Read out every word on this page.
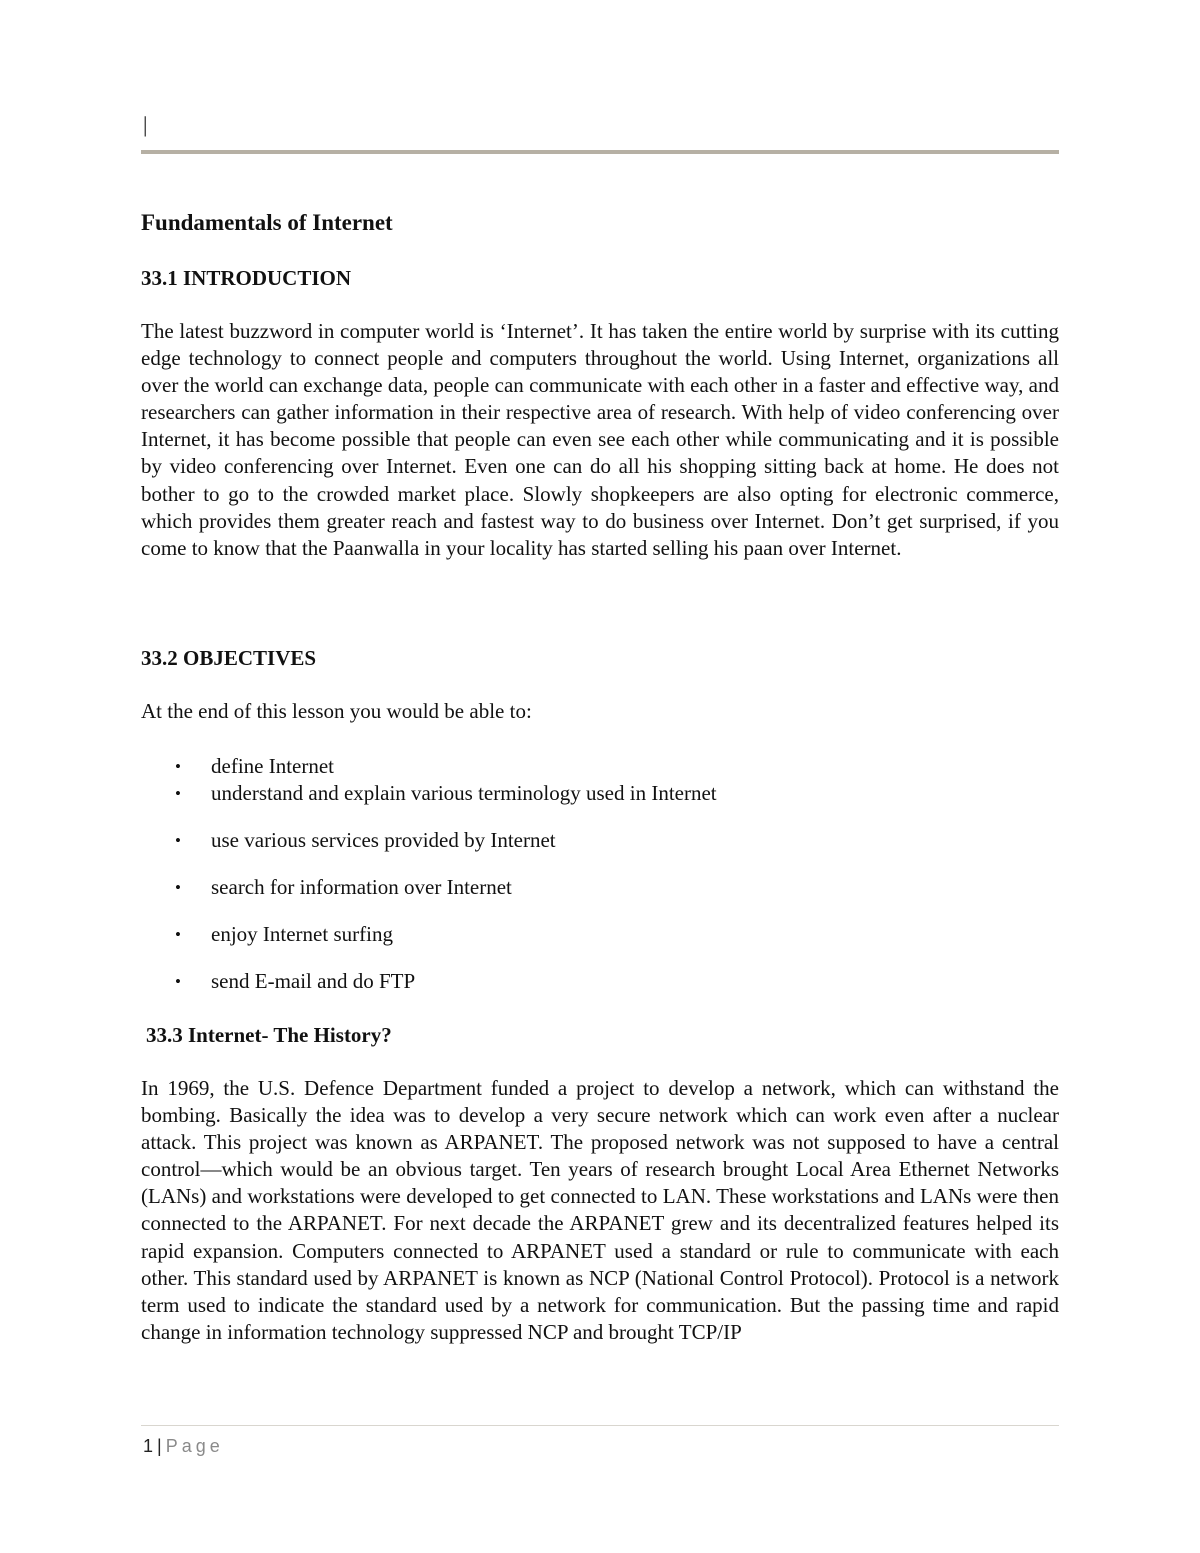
|
Fundamentals of Internet
33.1 INTRODUCTION

The latest buzzword in computer world is ‘Internet’. It has taken the entire world by surprise with its cutting edge technology to connect people and computers throughout the world. Using Internet, organizations all over the world can exchange data, people can communicate with each other in a faster and effective way, and researchers can gather information in their respective area of research. With help of video conferencing over Internet, it has become possible that people can even see each other while communicating and it is possible by video conferencing over Internet. Even one can do all his shopping sitting back at home. He does not bother to go to the crowded market place. Slowly shopkeepers are also opting for electronic commerce, which provides them greater reach and fastest way to do business over Internet. Don’t get surprised, if you come to know that the Paanwalla in your locality has started selling his paan over Internet.

33.2 OBJECTIVES

At the end of this lesson you would be able to:

• define Internet
• understand and explain various terminology used in Internet
• use various services provided by Internet
• search for information over Internet
• enjoy Internet surfing
• send E-mail and do FTP
33.3 Internet- The History?

In 1969, the U.S. Defence Department funded a project to develop a network, which can withstand the bombing. Basically the idea was to develop a very secure network which can work even after a nuclear attack. This project was known as ARPANET. The proposed network was not supposed to have a central control—which would be an obvious target. Ten years of research brought Local Area Ethernet Networks (LANs) and workstations were developed to get connected to LAN. These workstations and LANs were then connected to the ARPANET. For next decade the ARPANET grew and its decentralized features helped its rapid expansion. Computers connected to ARPANET used a standard or rule to communicate with each other. This standard used by ARPANET is known as NCP (National Control Protocol). Protocol is a network term used to indicate the standard used by a network for communication. But the passing time and rapid change in information technology suppressed NCP and brought TCP/IP

1 | Page
